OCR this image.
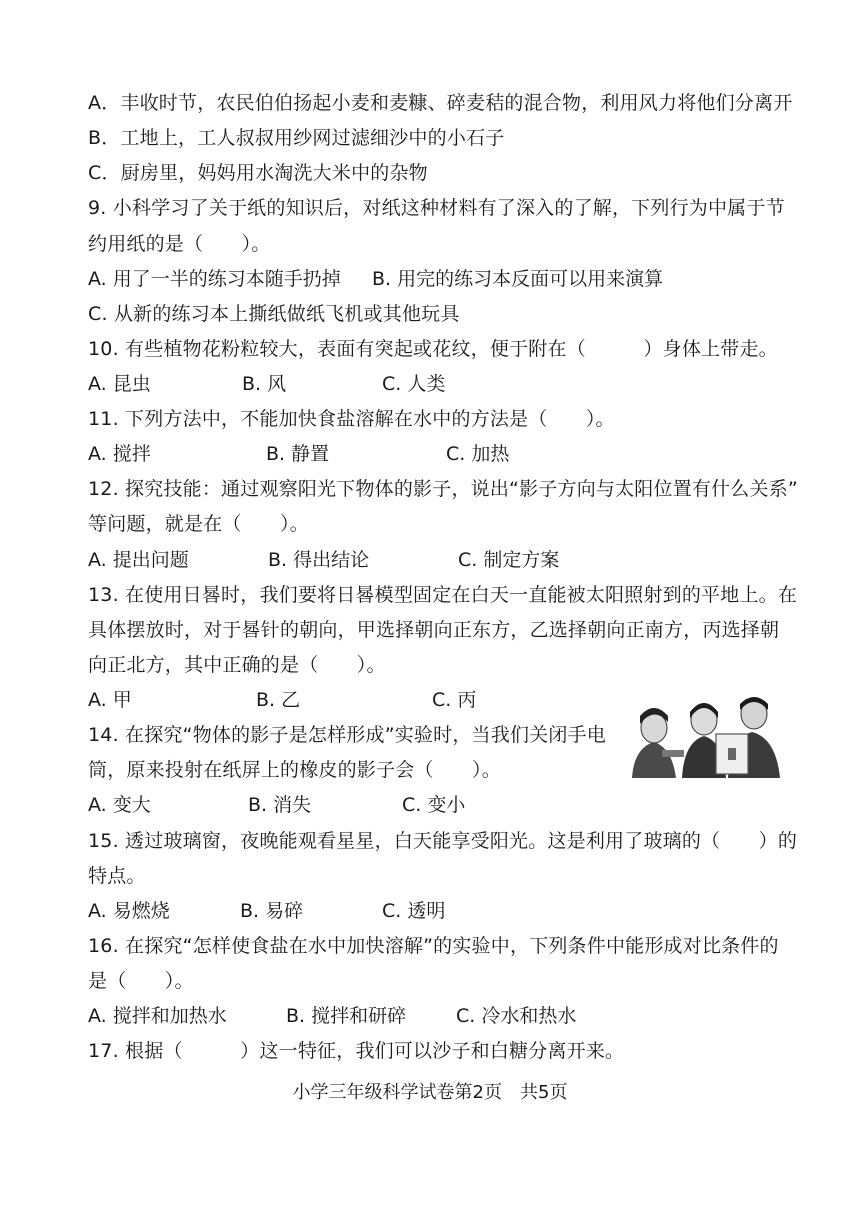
A．丰收时节，农民伯伯扬起小麦和麦糠、碎麦秸的混合物，利用风力将他们分离开
B．工地上，工人叔叔用纱网过滤细沙中的小石子
C．厨房里，妈妈用水淘洗大米中的杂物
9. 小科学习了关于纸的知识后，对纸这种材料有了深入的了解，下列行为中属于节
约用纸的是（　　）。
A. 用了一半的练习本随手扔掉 B. 用完的练习本反面可以用来演算
C. 从新的练习本上撕纸做纸飞机或其他玩具
10. 有些植物花粉粒较大，表面有突起或花纹，便于附在（　　　）身体上带走。
A. 昆虫	B. 风	C. 人类
11. 下列方法中，不能加快食盐溶解在水中的方法是（　　）。
A. 搅拌	B. 静置	C. 加热
12. 探究技能：通过观察阳光下物体的影子，说出“影子方向与太阳位置有什么关系”
等问题，就是在（　　）。
A. 提出问题	B. 得出结论	C. 制定方案
13. 在使用日晷时，我们要将日晷模型固定在白天一直能被太阳照射到的平地上。在
具体摆放时，对于晷针的朝向，甲选择朝向正东方，乙选择朝向正南方，丙选择朝
向正北方，其中正确的是（　　）。
A. 甲	B. 乙	C. 丙
14. 在探究“物体的影子是怎样形成”实验时，当我们关闭手电
筒，原来投射在纸屏上的橡皮的影子会（　　）。
A. 变大	B. 消失	C. 变小
15. 透过玻璃窗，夜晚能观看星星，白天能享受阳光。这是利用了玻璃的（　　）的
特点。
A. 易燃烧	B. 易碎	C. 透明
16. 在探究“怎样使食盐在水中加快溶解”的实验中，下列条件中能形成对比条件的
是（　　）。
A. 搅拌和加热水	B. 搅拌和研碎	C. 冷水和热水
17. 根据（　　　）这一特征，我们可以沙子和白糖分离开来。
小学三年级科学试卷第2页　共5页
